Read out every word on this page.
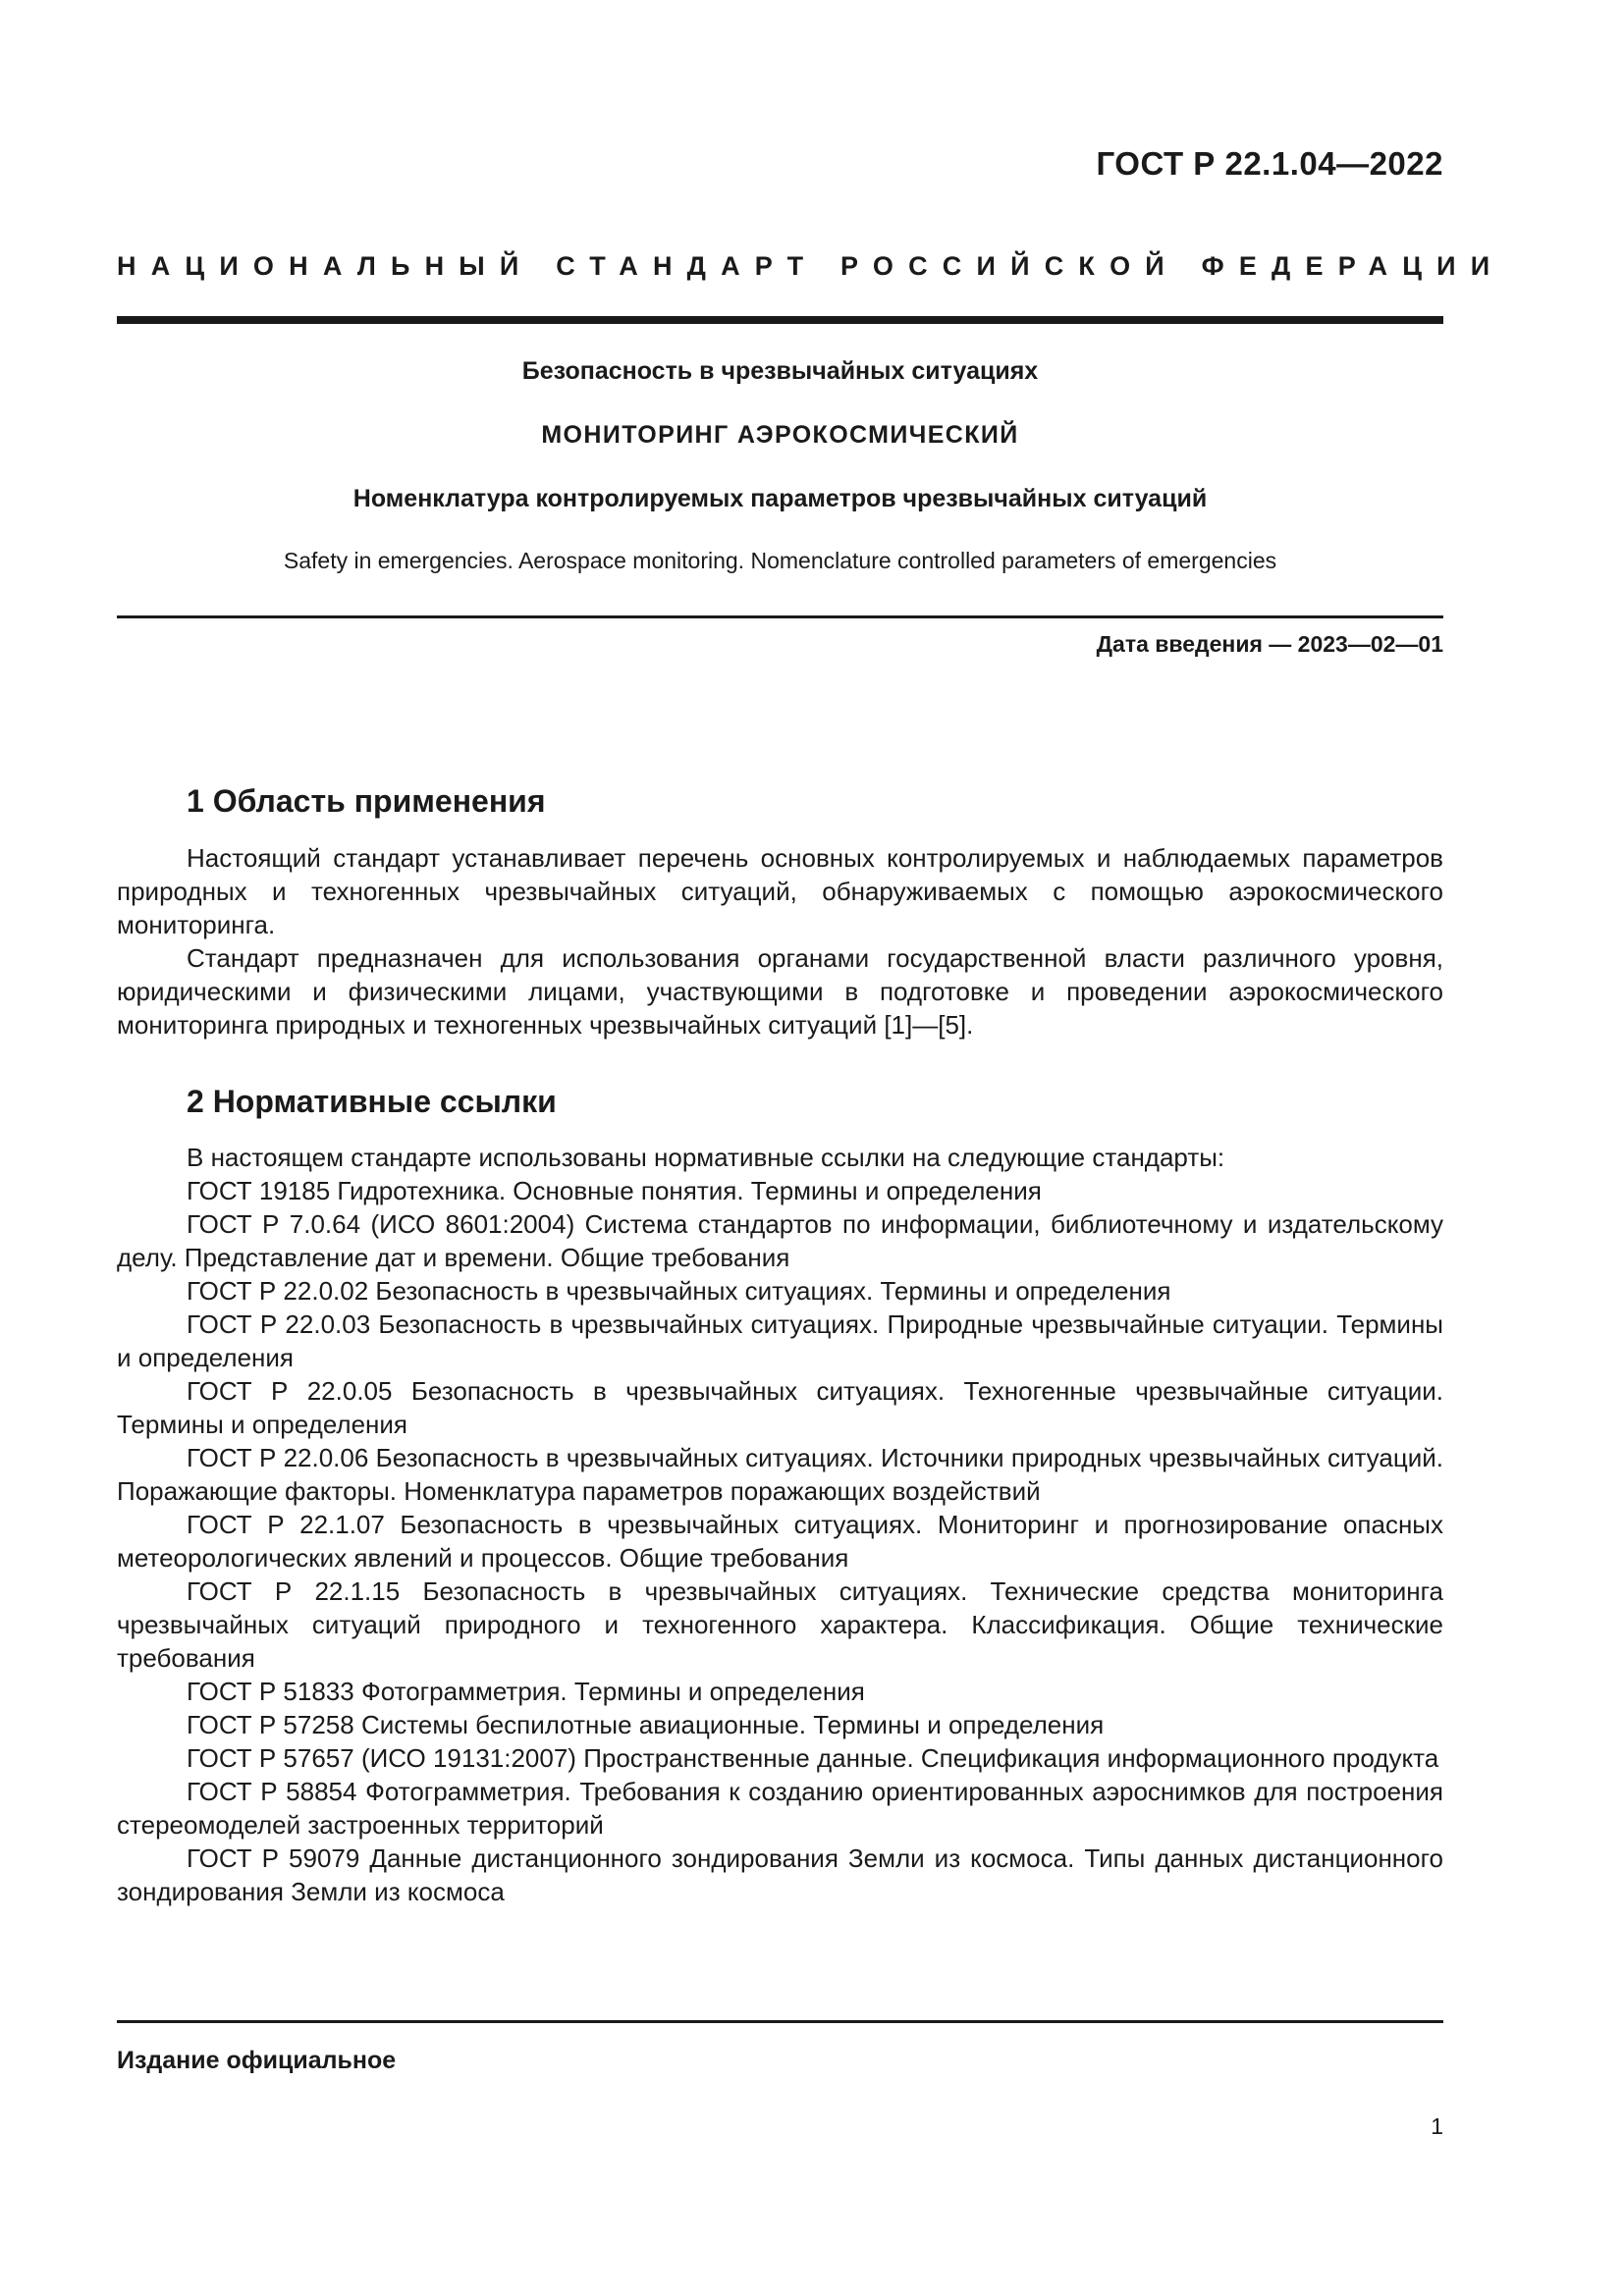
ГОСТ Р 22.1.04—2022
НАЦИОНАЛЬНЫЙ СТАНДАРТ РОССИЙСКОЙ ФЕДЕРАЦИИ
Безопасность в чрезвычайных ситуациях
МОНИТОРИНГ АЭРОКОСМИЧЕСКИЙ
Номенклатура контролируемых параметров чрезвычайных ситуаций
Safety in emergencies. Aerospace monitoring. Nomenclature controlled parameters of emergencies
Дата введения — 2023—02—01
1 Область применения

Настоящий стандарт устанавливает перечень основных контролируемых и наблюдаемых параметров природных и техногенных чрезвычайных ситуаций, обнаруживаемых с помощью аэрокосмического мониторинга.

Стандарт предназначен для использования органами государственной власти различного уровня, юридическими и физическими лицами, участвующими в подготовке и проведении аэрокосмического мониторинга природных и техногенных чрезвычайных ситуаций [1]—[5].

2 Нормативные ссылки

В настоящем стандарте использованы нормативные ссылки на следующие стандарты:

ГОСТ 19185 Гидротехника. Основные понятия. Термины и определения

ГОСТ Р 7.0.64 (ИСО 8601:2004) Система стандартов по информации, библиотечному и издательскому делу. Представление дат и времени. Общие требования

ГОСТ Р 22.0.02 Безопасность в чрезвычайных ситуациях. Термины и определения

ГОСТ Р 22.0.03 Безопасность в чрезвычайных ситуациях. Природные чрезвычайные ситуации. Термины и определения

ГОСТ Р 22.0.05 Безопасность в чрезвычайных ситуациях. Техногенные чрезвычайные ситуации. Термины и определения

ГОСТ Р 22.0.06 Безопасность в чрезвычайных ситуациях. Источники природных чрезвычайных ситуаций. Поражающие факторы. Номенклатура параметров поражающих воздействий

ГОСТ Р 22.1.07 Безопасность в чрезвычайных ситуациях. Мониторинг и прогнозирование опасных метеорологических явлений и процессов. Общие требования

ГОСТ Р 22.1.15 Безопасность в чрезвычайных ситуациях. Технические средства мониторинга чрезвычайных ситуаций природного и техногенного характера. Классификация. Общие технические требования

ГОСТ Р 51833 Фотограмметрия. Термины и определения

ГОСТ Р 57258 Системы беспилотные авиационные. Термины и определения

ГОСТ Р 57657 (ИСО 19131:2007) Пространственные данные. Спецификация информационного продукта

ГОСТ Р 58854 Фотограмметрия. Требования к созданию ориентированных аэроснимков для построения стереомоделей застроенных территорий

ГОСТ Р 59079 Данные дистанционного зондирования Земли из космоса. Типы данных дистанционного зондирования Земли из космоса

Издание официальное
1
